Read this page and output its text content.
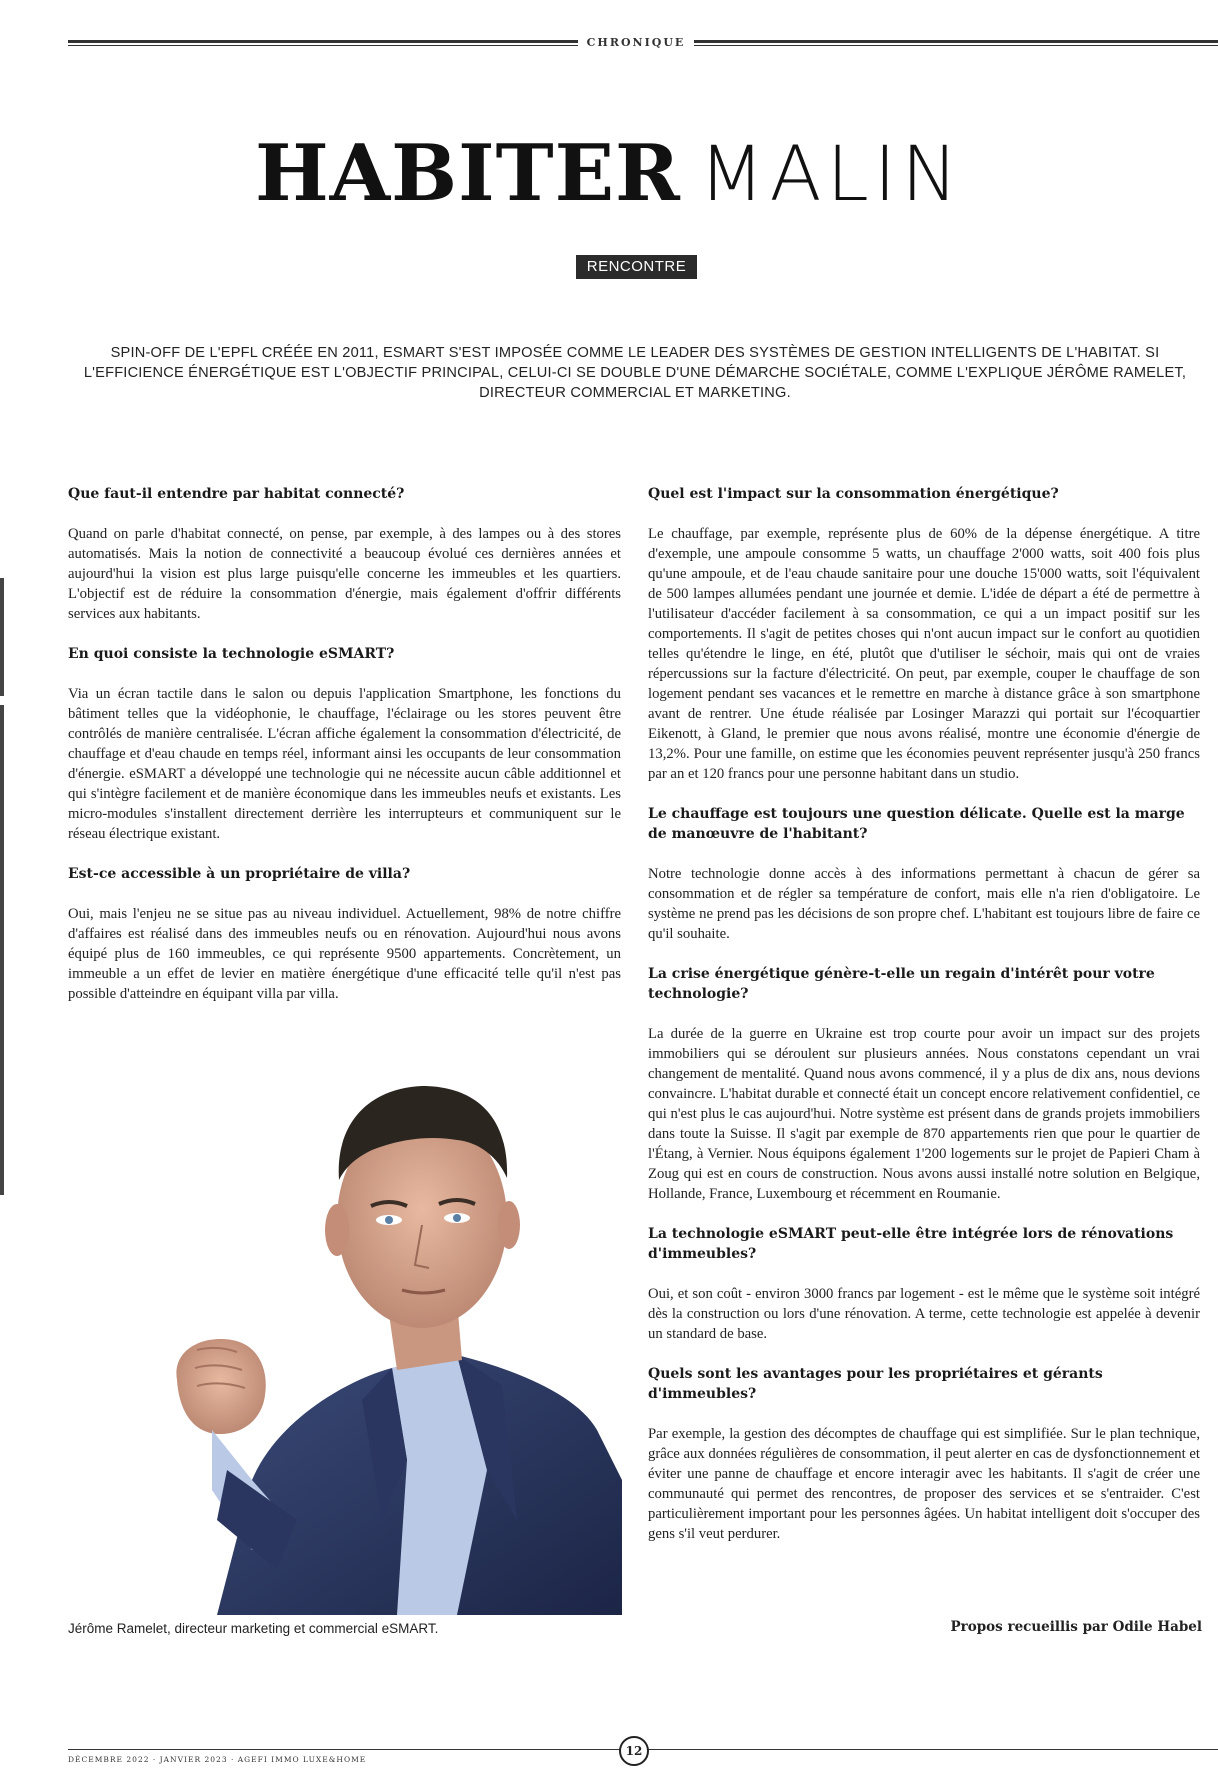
CHRONIQUE
HABITER MALIN
RENCONTRE
SPIN-OFF DE L'EPFL CRÉÉE EN 2011, ESMART S'EST IMPOSÉE COMME LE LEADER DES SYSTÈMES DE GESTION INTELLIGENTS DE L'HABITAT. SI L'EFFICIENCE ÉNERGÉTIQUE EST L'OBJECTIF PRINCIPAL, CELUI-CI SE DOUBLE D'UNE DÉMARCHE SOCIÉTALE, COMME L'EXPLIQUE JÉRÔME RAMELET, DIRECTEUR COMMERCIAL ET MARKETING.
Que faut-il entendre par habitat connecté?

Quand on parle d'habitat connecté, on pense, par exemple, à des lampes ou à des stores automatisés. Mais la notion de connectivité a beaucoup évolué ces dernières années et aujourd'hui la vision est plus large puisqu'elle concerne les immeubles et les quartiers. L'objectif est de réduire la consommation d'énergie, mais également d'offrir différents services aux habitants.

En quoi consiste la technologie eSMART?

Via un écran tactile dans le salon ou depuis l'application Smartphone, les fonctions du bâtiment telles que la vidéophonie, le chauffage, l'éclairage ou les stores peuvent être contrôlés de manière centralisée. L'écran affiche également la consommation d'électricité, de chauffage et d'eau chaude en temps réel, informant ainsi les occupants de leur consommation d'énergie. eSMART a développé une technologie qui ne nécessite aucun câble additionnel et qui s'intègre facilement et de manière économique dans les immeubles neufs et existants. Les micro-modules s'installent directement derrière les interrupteurs et communiquent sur le réseau électrique existant.

Est-ce accessible à un propriétaire de villa?

Oui, mais l'enjeu ne se situe pas au niveau individuel. Actuellement, 98% de notre chiffre d'affaires est réalisé dans des immeubles neufs ou en rénovation. Aujourd'hui nous avons équipé plus de 160 immeubles, ce qui représente 9500 appartements. Concrètement, un immeuble a un effet de levier en matière énergétique d'une efficacité telle qu'il n'est pas possible d'atteindre en équipant villa par villa.

Quel est l'impact sur la consommation énergétique?

Le chauffage, par exemple, représente plus de 60% de la dépense énergétique. A titre d'exemple, une ampoule consomme 5 watts, un chauffage 2'000 watts, soit 400 fois plus qu'une ampoule, et de l'eau chaude sanitaire pour une douche 15'000 watts, soit l'équivalent de 500 lampes allumées pendant une journée et demie. L'idée de départ a été de permettre à l'utilisateur d'accéder facilement à sa consommation, ce qui a un impact positif sur les comportements. Il s'agit de petites choses qui n'ont aucun impact sur le confort au quotidien telles qu'étendre le linge, en été, plutôt que d'utiliser le séchoir, mais qui ont de vraies répercussions sur la facture d'électricité. On peut, par exemple, couper le chauffage de son logement pendant ses vacances et le remettre en marche à distance grâce à son smartphone avant de rentrer. Une étude réalisée par Losinger Marazzi qui portait sur l'écoquartier Eikenott, à Gland, le premier que nous avons réalisé, montre une économie d'énergie de 13,2%. Pour une famille, on estime que les économies peuvent représenter jusqu'à 250 francs par an et 120 francs pour une personne habitant dans un studio.

Le chauffage est toujours une question délicate. Quelle est la marge de manœuvre de l'habitant?

Notre technologie donne accès à des informations permettant à chacun de gérer sa consommation et de régler sa température de confort, mais elle n'a rien d'obligatoire. Le système ne prend pas les décisions de son propre chef. L'habitant est toujours libre de faire ce qu'il souhaite.

La crise énergétique génère-t-elle un regain d'intérêt pour votre technologie?

La durée de la guerre en Ukraine est trop courte pour avoir un impact sur des projets immobiliers qui se déroulent sur plusieurs années. Nous constatons cependant un vrai changement de mentalité. Quand nous avons commencé, il y a plus de dix ans, nous devions convaincre. L'habitat durable et connecté était un concept encore relativement confidentiel, ce qui n'est plus le cas aujourd'hui. Notre système est présent dans de grands projets immobiliers dans toute la Suisse. Il s'agit par exemple de 870 appartements rien que pour le quartier de l'Étang, à Vernier. Nous équipons également 1'200 logements sur le projet de Papieri Cham à Zoug qui est en cours de construction. Nous avons aussi installé notre solution en Belgique, Hollande, France, Luxembourg et récemment en Roumanie.

La technologie eSMART peut-elle être intégrée lors de rénovations d'immeubles?

Oui, et son coût - environ 3000 francs par logement - est le même que le système soit intégré dès la construction ou lors d'une rénovation. A terme, cette technologie est appelée à devenir un standard de base.

Quels sont les avantages pour les propriétaires et gérants d'immeubles?

Par exemple, la gestion des décomptes de chauffage qui est simplifiée. Sur le plan technique, grâce aux données régulières de consommation, il peut alerter en cas de dysfonctionnement et éviter une panne de chauffage et encore interagir avec les habitants. Il s'agit de créer une communauté qui permet des rencontres, de proposer des services et se s'entraider. C'est particulièrement important pour les personnes âgées. Un habitat intelligent doit s'occuper des gens s'il veut perdurer.

Jérôme Ramelet, directeur marketing et commercial eSMART.	Propos recueillis par Odile Habel
DÉCEMBRE 2022 · JANVIER 2023 · AGEFI IMMO LUXE&HOME
12
